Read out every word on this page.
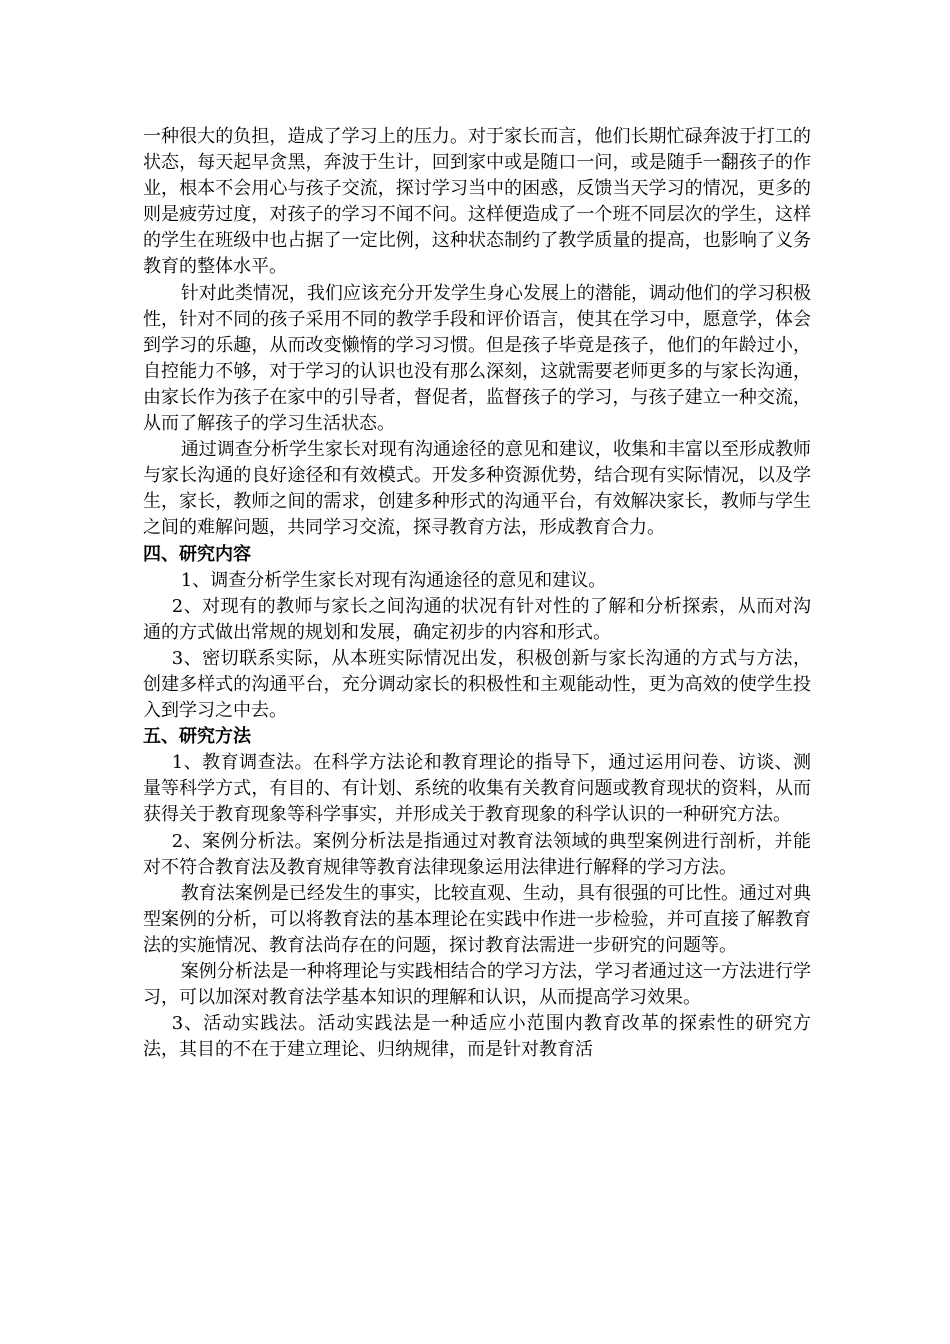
一种很大的负担，造成了学习上的压力。对于家长而言，他们长期忙碌奔波于打工的状态，每天起早贪黑，奔波于生计，回到家中或是随口一问，或是随手一翻孩子的作业，根本不会用心与孩子交流，探讨学习当中的困惑，反馈当天学习的情况，更多的则是疲劳过度，对孩子的学习不闻不问。这样便造成了一个班不同层次的学生，这样的学生在班级中也占据了一定比例，这种状态制约了教学质量的提高，也影响了义务教育的整体水平。

针对此类情况，我们应该充分开发学生身心发展上的潜能，调动他们的学习积极性，针对不同的孩子采用不同的教学手段和评价语言，使其在学习中，愿意学，体会到学习的乐趣，从而改变懒惰的学习习惯。但是孩子毕竟是孩子，他们的年龄过小，自控能力不够，对于学习的认识也没有那么深刻，这就需要老师更多的与家长沟通，由家长作为孩子在家中的引导者，督促者，监督孩子的学习，与孩子建立一种交流，从而了解孩子的学习生活状态。

通过调查分析学生家长对现有沟通途径的意见和建议，收集和丰富以至形成教师与家长沟通的良好途径和有效模式。开发多种资源优势，结合现有实际情况，以及学生，家长，教师之间的需求，创建多种形式的沟通平台，有效解决家长，教师与学生之间的难解问题，共同学习交流，探寻教育方法，形成教育合力。

四、研究内容

1、调查分析学生家长对现有沟通途径的意见和建议。

2、对现有的教师与家长之间沟通的状况有针对性的了解和分析探索，从而对沟通的方式做出常规的规划和发展，确定初步的内容和形式。

3、密切联系实际，从本班实际情况出发，积极创新与家长沟通的方式与方法，创建多样式的沟通平台，充分调动家长的积极性和主观能动性，更为高效的使学生投入到学习之中去。

五、研究方法

1、教育调查法。在科学方法论和教育理论的指导下，通过运用问卷、访谈、测量等科学方式，有目的、有计划、系统的收集有关教育问题或教育现状的资料，从而获得关于教育现象等科学事实，并形成关于教育现象的科学认识的一种研究方法。

2、案例分析法。案例分析法是指通过对教育法领域的典型案例进行剖析，并能对不符合教育法及教育规律等教育法律现象运用法律进行解释的学习方法。

教育法案例是已经发生的事实，比较直观、生动，具有很强的可比性。通过对典型案例的分析，可以将教育法的基本理论在实践中作进一步检验，并可直接了解教育法的实施情况、教育法尚存在的问题，探讨教育法需进一步研究的问题等。

案例分析法是一种将理论与实践相结合的学习方法，学习者通过这一方法进行学习，可以加深对教育法学基本知识的理解和认识，从而提高学习效果。

3、活动实践法。活动实践法是一种适应小范围内教育改革的探索性的研究方法，其目的不在于建立理论、归纳规律，而是针对教育活
